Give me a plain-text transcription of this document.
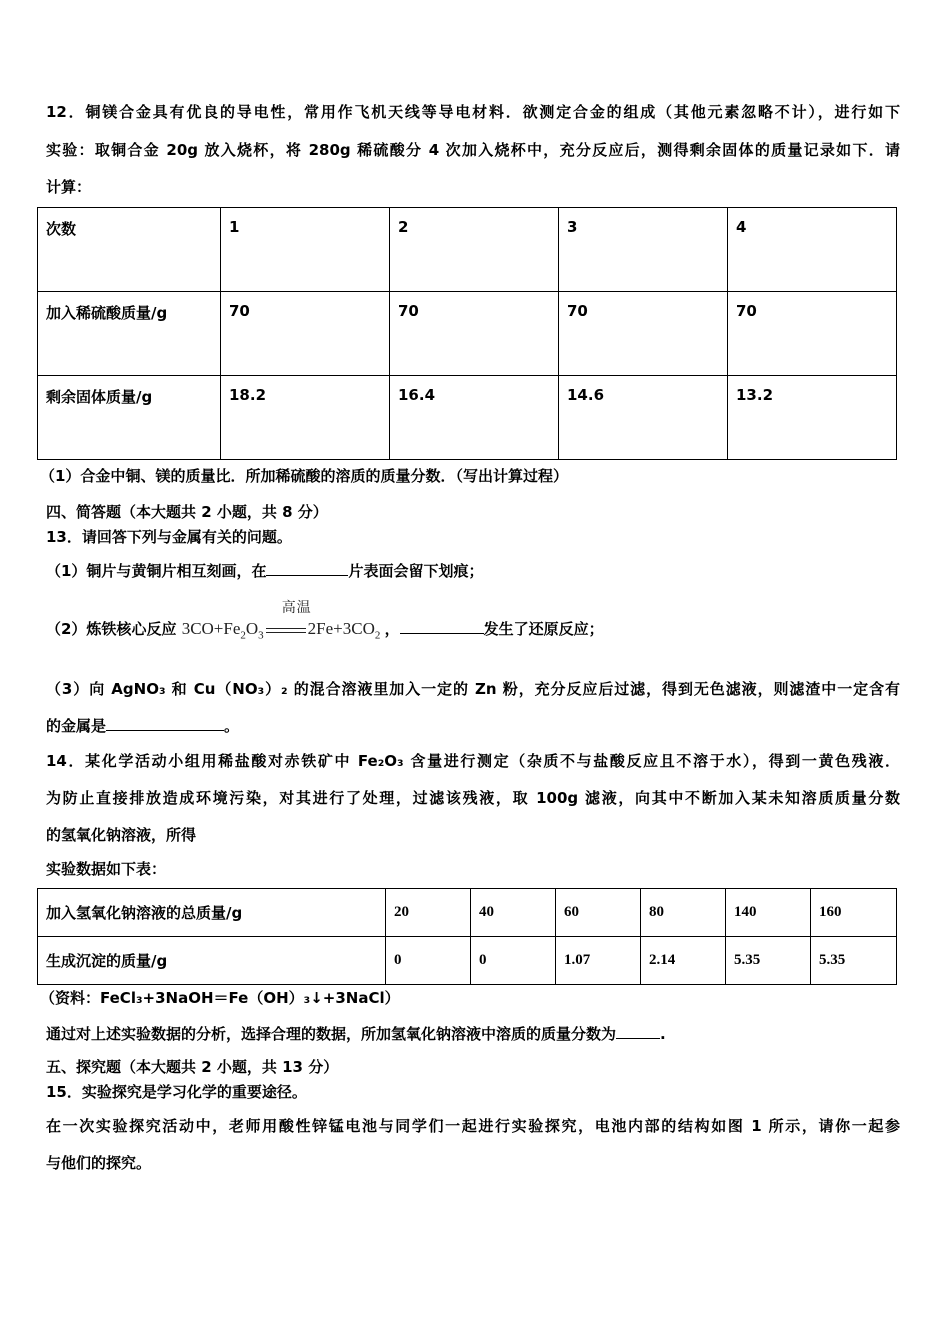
12．铜镁合金具有优良的导电性，常用作飞机天线等导电材料．欲测定合金的组成（其他元素忽略不计），进行如下
实验：取铜合金 20g 放入烧杯，将 280g 稀硫酸分 4 次加入烧杯中，充分反应后，测得剩余固体的质量记录如下．请
计算：
次数	1	2	3	4
加入稀硫酸质量/g	70	70	70	70
剩余固体质量/g	18.2	16.4	14.6	13.2
（1）合金中铜、镁的质量比．所加稀硫酸的溶质的质量分数．（写出计算过程）
四、简答题（本大题共 2 小题，共 8 分）
13．请回答下列与金属有关的问题。
（1）铜片与黄铜片相互刻画，在	片表面会留下划痕；
（2）炼铁核心反应
高温
$3CO+Fe_2O_3$	$2Fe+3CO_2$ ，	发生了还原反应；
（3）向 AgNO₃ 和 Cu（NO₃）₂ 的混合溶液里加入一定的 Zn 粉，充分反应后过滤，得到无色滤液，则滤渣中一定含有
的金属是	。
14．某化学活动小组用稀盐酸对赤铁矿中 Fe₂O₃ 含量进行测定（杂质不与盐酸反应且不溶于水），得到一黄色残液．
为防止直接排放造成环境污染，对其进行了处理，过滤该残液，取 100g 滤液，向其中不断加入某未知溶质质量分数
的氢氧化钠溶液，所得
实验数据如下表：
加入氢氧化钠溶液的总质量/g	20	40	60	80	140	160
生成沉淀的质量/g	0	0	1.07	2.14	5.35	5.35
（资料：FeCl₃+3NaOH＝Fe（OH）₃↓+3NaCl）
通过对上述实验数据的分析，选择合理的数据，所加氢氧化钠溶液中溶质的质量分数为	.
五、探究题（本大题共 2 小题，共 13 分）
15．实验探究是学习化学的重要途径。
在一次实验探究活动中，老师用酸性锌锰电池与同学们一起进行实验探究，电池内部的结构如图 1 所示，请你一起参
与他们的探究。
